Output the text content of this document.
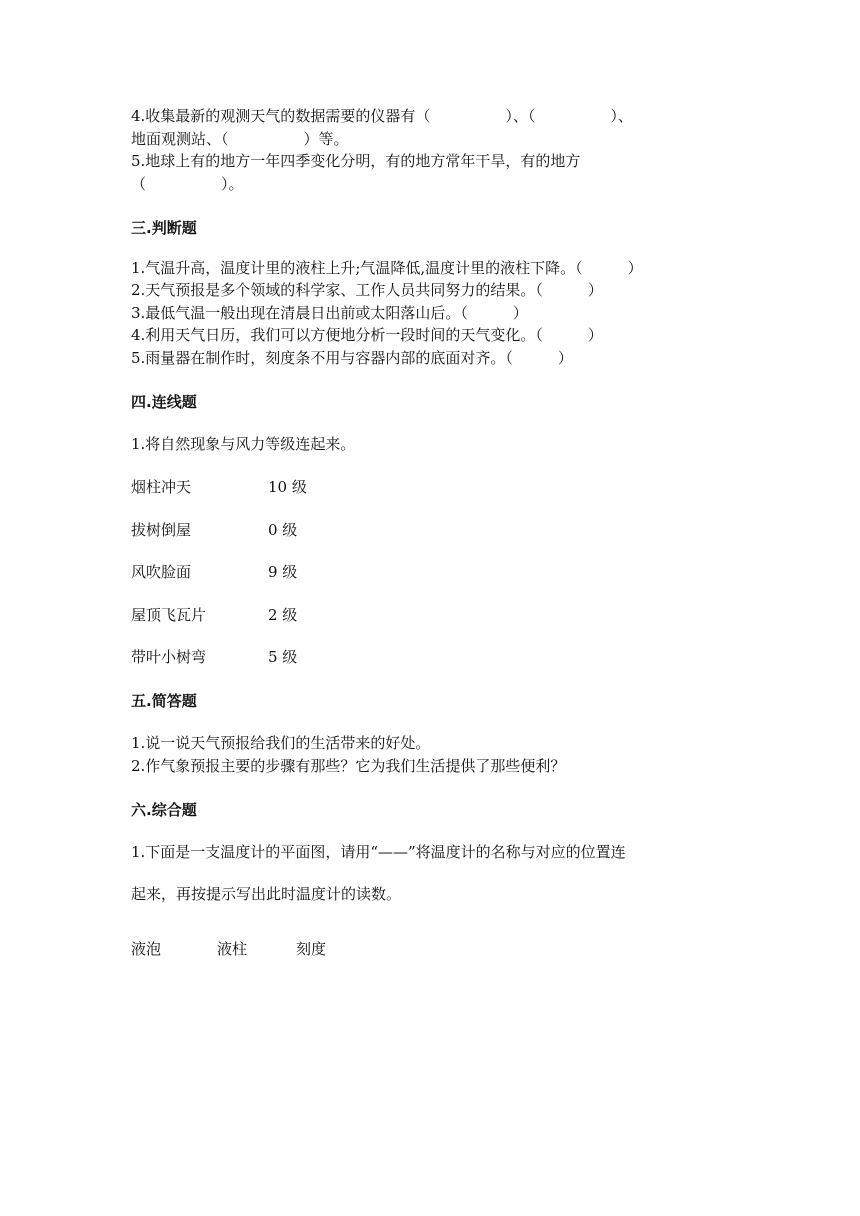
4.收集最新的观测天气的数据需要的仪器有（　　　　　）、（　　　　　）、
地面观测站、（　　　　　）等。
5.地球上有的地方一年四季变化分明，有的地方常年干旱，有的地方
（　　　　　）。
三.判断题
1.气温升高，温度计里的液柱上升;气温降低,温度计里的液柱下降。（　　　）
2.天气预报是多个领域的科学家、工作人员共同努力的结果。（　　　）
3.最低气温一般出现在清晨日出前或太阳落山后。（　　　）
4.利用天气日历，我们可以方便地分析一段时间的天气变化。（　　　）
5.雨量器在制作时，刻度条不用与容器内部的底面对齐。（　　　）
四.连线题
1.将自然现象与风力等级连起来。
烟柱冲天	10 级
拔树倒屋	0 级
风吹脸面	9 级
屋顶飞瓦片	2 级
带叶小树弯	5 级
五.简答题
1.说一说天气预报给我们的生活带来的好处。
2.作气象预报主要的步骤有那些？它为我们生活提供了那些便利？
六.综合题
1.下面是一支温度计的平面图，请用“——”将温度计的名称与对应的位置连
起来，再按提示写出此时温度计的读数。
液泡	液柱	刻度
